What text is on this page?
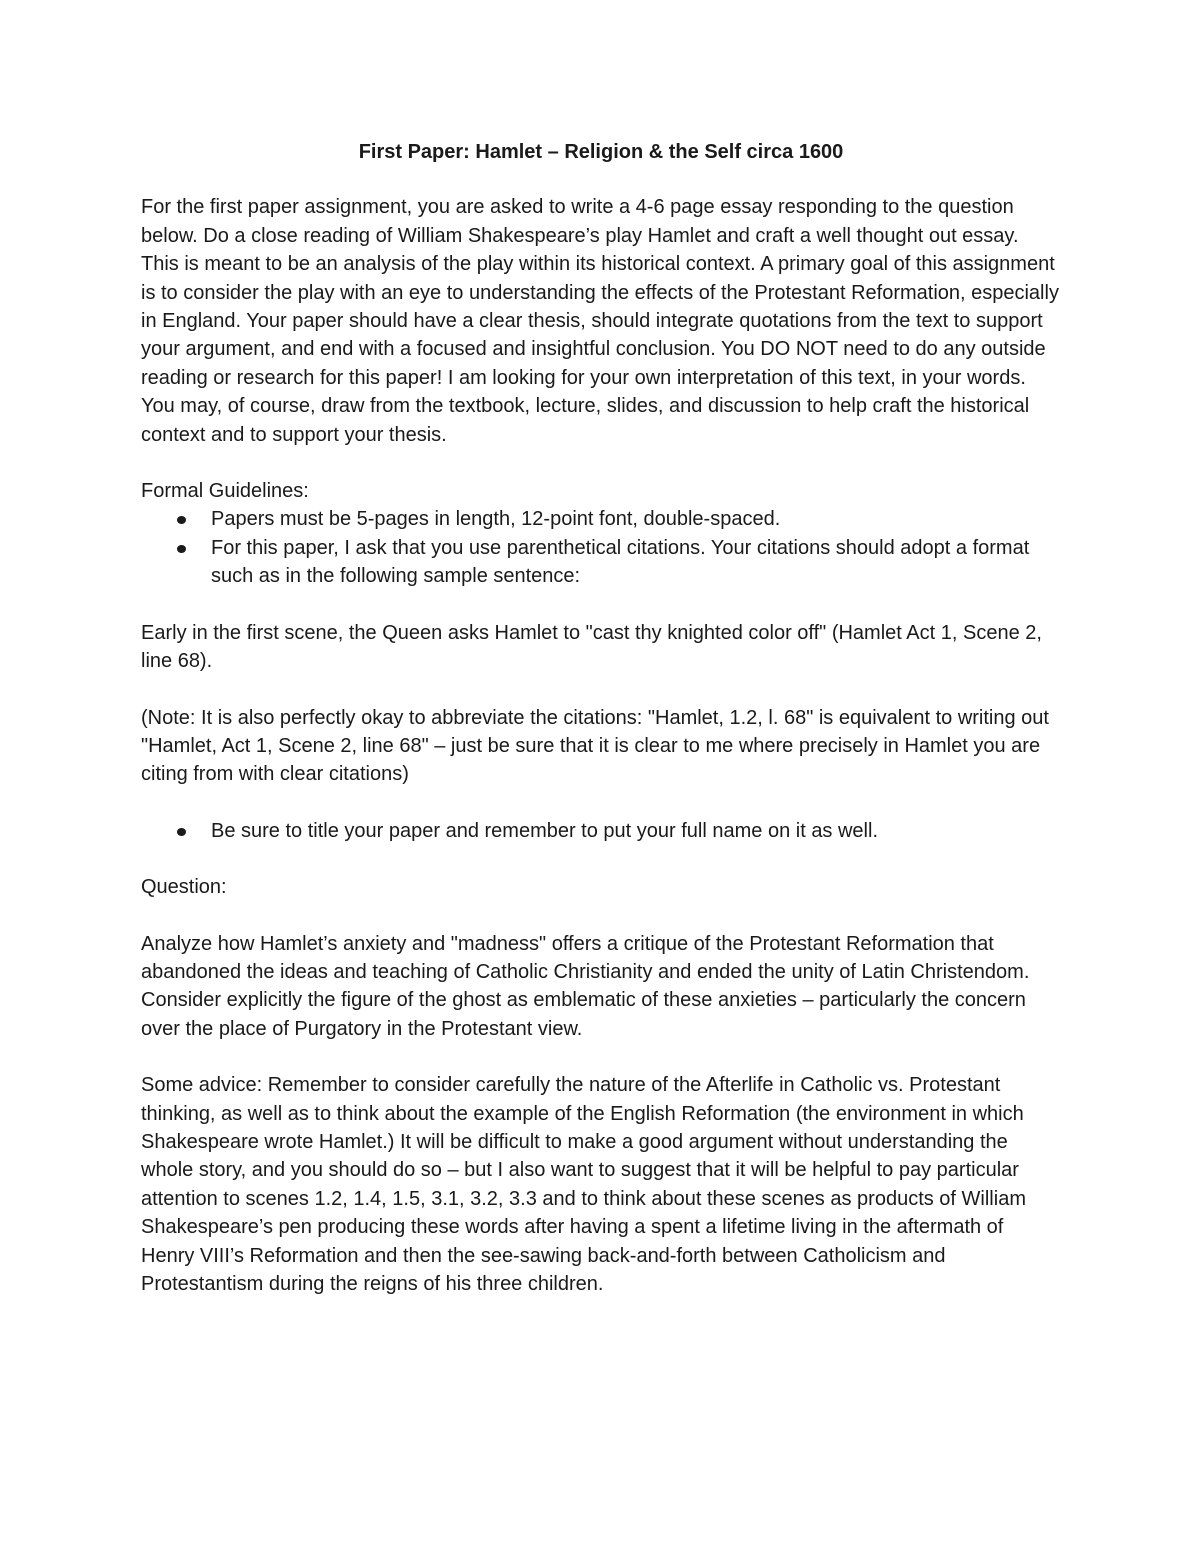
First Paper: Hamlet – Religion & the Self circa 1600

For the first paper assignment, you are asked to write a 4-6 page essay responding to the question below. Do a close reading of William Shakespeare’s play Hamlet and craft a well thought out essay. This is meant to be an analysis of the play within its historical context. A primary goal of this assignment is to consider the play with an eye to understanding the effects of the Protestant Reformation, especially in England. Your paper should have a clear thesis, should integrate quotations from the text to support your argument, and end with a focused and insightful conclusion. You DO NOT need to do any outside reading or research for this paper! I am looking for your own interpretation of this text, in your words. You may, of course, draw from the textbook, lecture, slides, and discussion to help craft the historical context and to support your thesis.

Formal Guidelines:

Papers must be 5-pages in length, 12-point font, double-spaced.
For this paper, I ask that you use parenthetical citations. Your citations should adopt a format such as in the following sample sentence:

Early in the first scene, the Queen asks Hamlet to "cast thy knighted color off" (Hamlet Act 1, Scene 2, line 68).

(Note: It is also perfectly okay to abbreviate the citations: "Hamlet, 1.2, l. 68" is equivalent to writing out "Hamlet, Act 1, Scene 2, line 68" – just be sure that it is clear to me where precisely in Hamlet you are citing from with clear citations)

Be sure to title your paper and remember to put your full name on it as well.

Question:

Analyze how Hamlet’s anxiety and "madness" offers a critique of the Protestant Reformation that abandoned the ideas and teaching of Catholic Christianity and ended the unity of Latin Christendom. Consider explicitly the figure of the ghost as emblematic of these anxieties – particularly the concern over the place of Purgatory in the Protestant view.

Some advice: Remember to consider carefully the nature of the Afterlife in Catholic vs. Protestant thinking, as well as to think about the example of the English Reformation (the environment in which Shakespeare wrote Hamlet.) It will be difficult to make a good argument without understanding the whole story, and you should do so – but I also want to suggest that it will be helpful to pay particular attention to scenes 1.2, 1.4, 1.5, 3.1, 3.2, 3.3 and to think about these scenes as products of William Shakespeare’s pen producing these words after having a spent a lifetime living in the aftermath of Henry VIII’s Reformation and then the see-sawing back-and-forth between Catholicism and Protestantism during the reigns of his three children.
